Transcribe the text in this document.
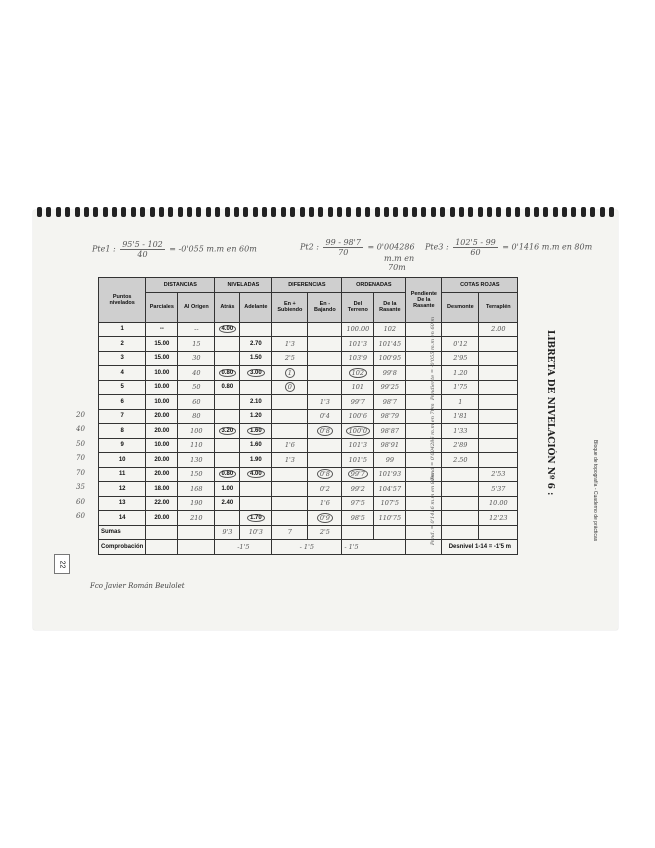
Pte1 : $\frac{95'5 - 102}{40} = -0'055$ m.m en 60m	Pt2 : $\frac{99 - 98'7}{70} = 0'004286$
m.m en
70m
Pte3 : $\frac{102'5 - 99}{60} = 0'1416$ m.m en 80m
Puntos nivelados	DISTANCIAS		NIVELADAS		DIFERENCIAS		ORDENADAS		Pendiente De la Rasante	COTAS ROJAS	
	Parciales	Al Origen	Atrás	Adelante	En + Subiendo	En - Bajando	Del Terreno	De la Rasante		Desmonte	Terraplén
1	--	--	4.00				100.00	102			2.00
2	15.00	15		2.70	1'3		101'3	101'45		0'12	
3	15.00	30		1.50	2'5		103'9	100'95		2'95	
4	10.00	40	0.80	3.00	1		102	99'8		1.20	
5	10.00	50	0.80		0		101	99'25		1'75	
6	10.00	60		2.10		1'3	99'7	98'7		1	
7	20.00	80		1.20		0'4	100'6	98'79		1'81	
8	20.00	100	3.20	1.60		0'8	100'0	98'87		1'33	
9	10.00	110		1.60	1'6		101'3	98'91		2'89	
10	20.00	130		1.90	1'3		101'5	99		2.50	
11	20.00	150	0.80	4.00		0'8	99'7	101'93			2'53
12	18.00	168	1.00			0'2	99'2	104'57			5'37
13	22.00	190	2.40			1'6	97'5	107'5			10.00
14	20.00	210		1.70		0'9	98'5	110'75			12'23
Sumas			9'3	10'3	7	2'5					
Comprobación			-1'5		- 1'5		- 1'5			Desnivel 1-14 = -1'5 m	
Pendiente = -0'055 m.m en 60 m
Pend = 0'004286 m.m en 70m
Pend. = 0'1416 m.m en 80m
20
40
50
70
70
35
60
60
LIBRETA DE NIVELACIÓN Nº 6 :	Bloque de topografía - Cuaderno de prácticas
22
Fco Javier Román Beulolet
